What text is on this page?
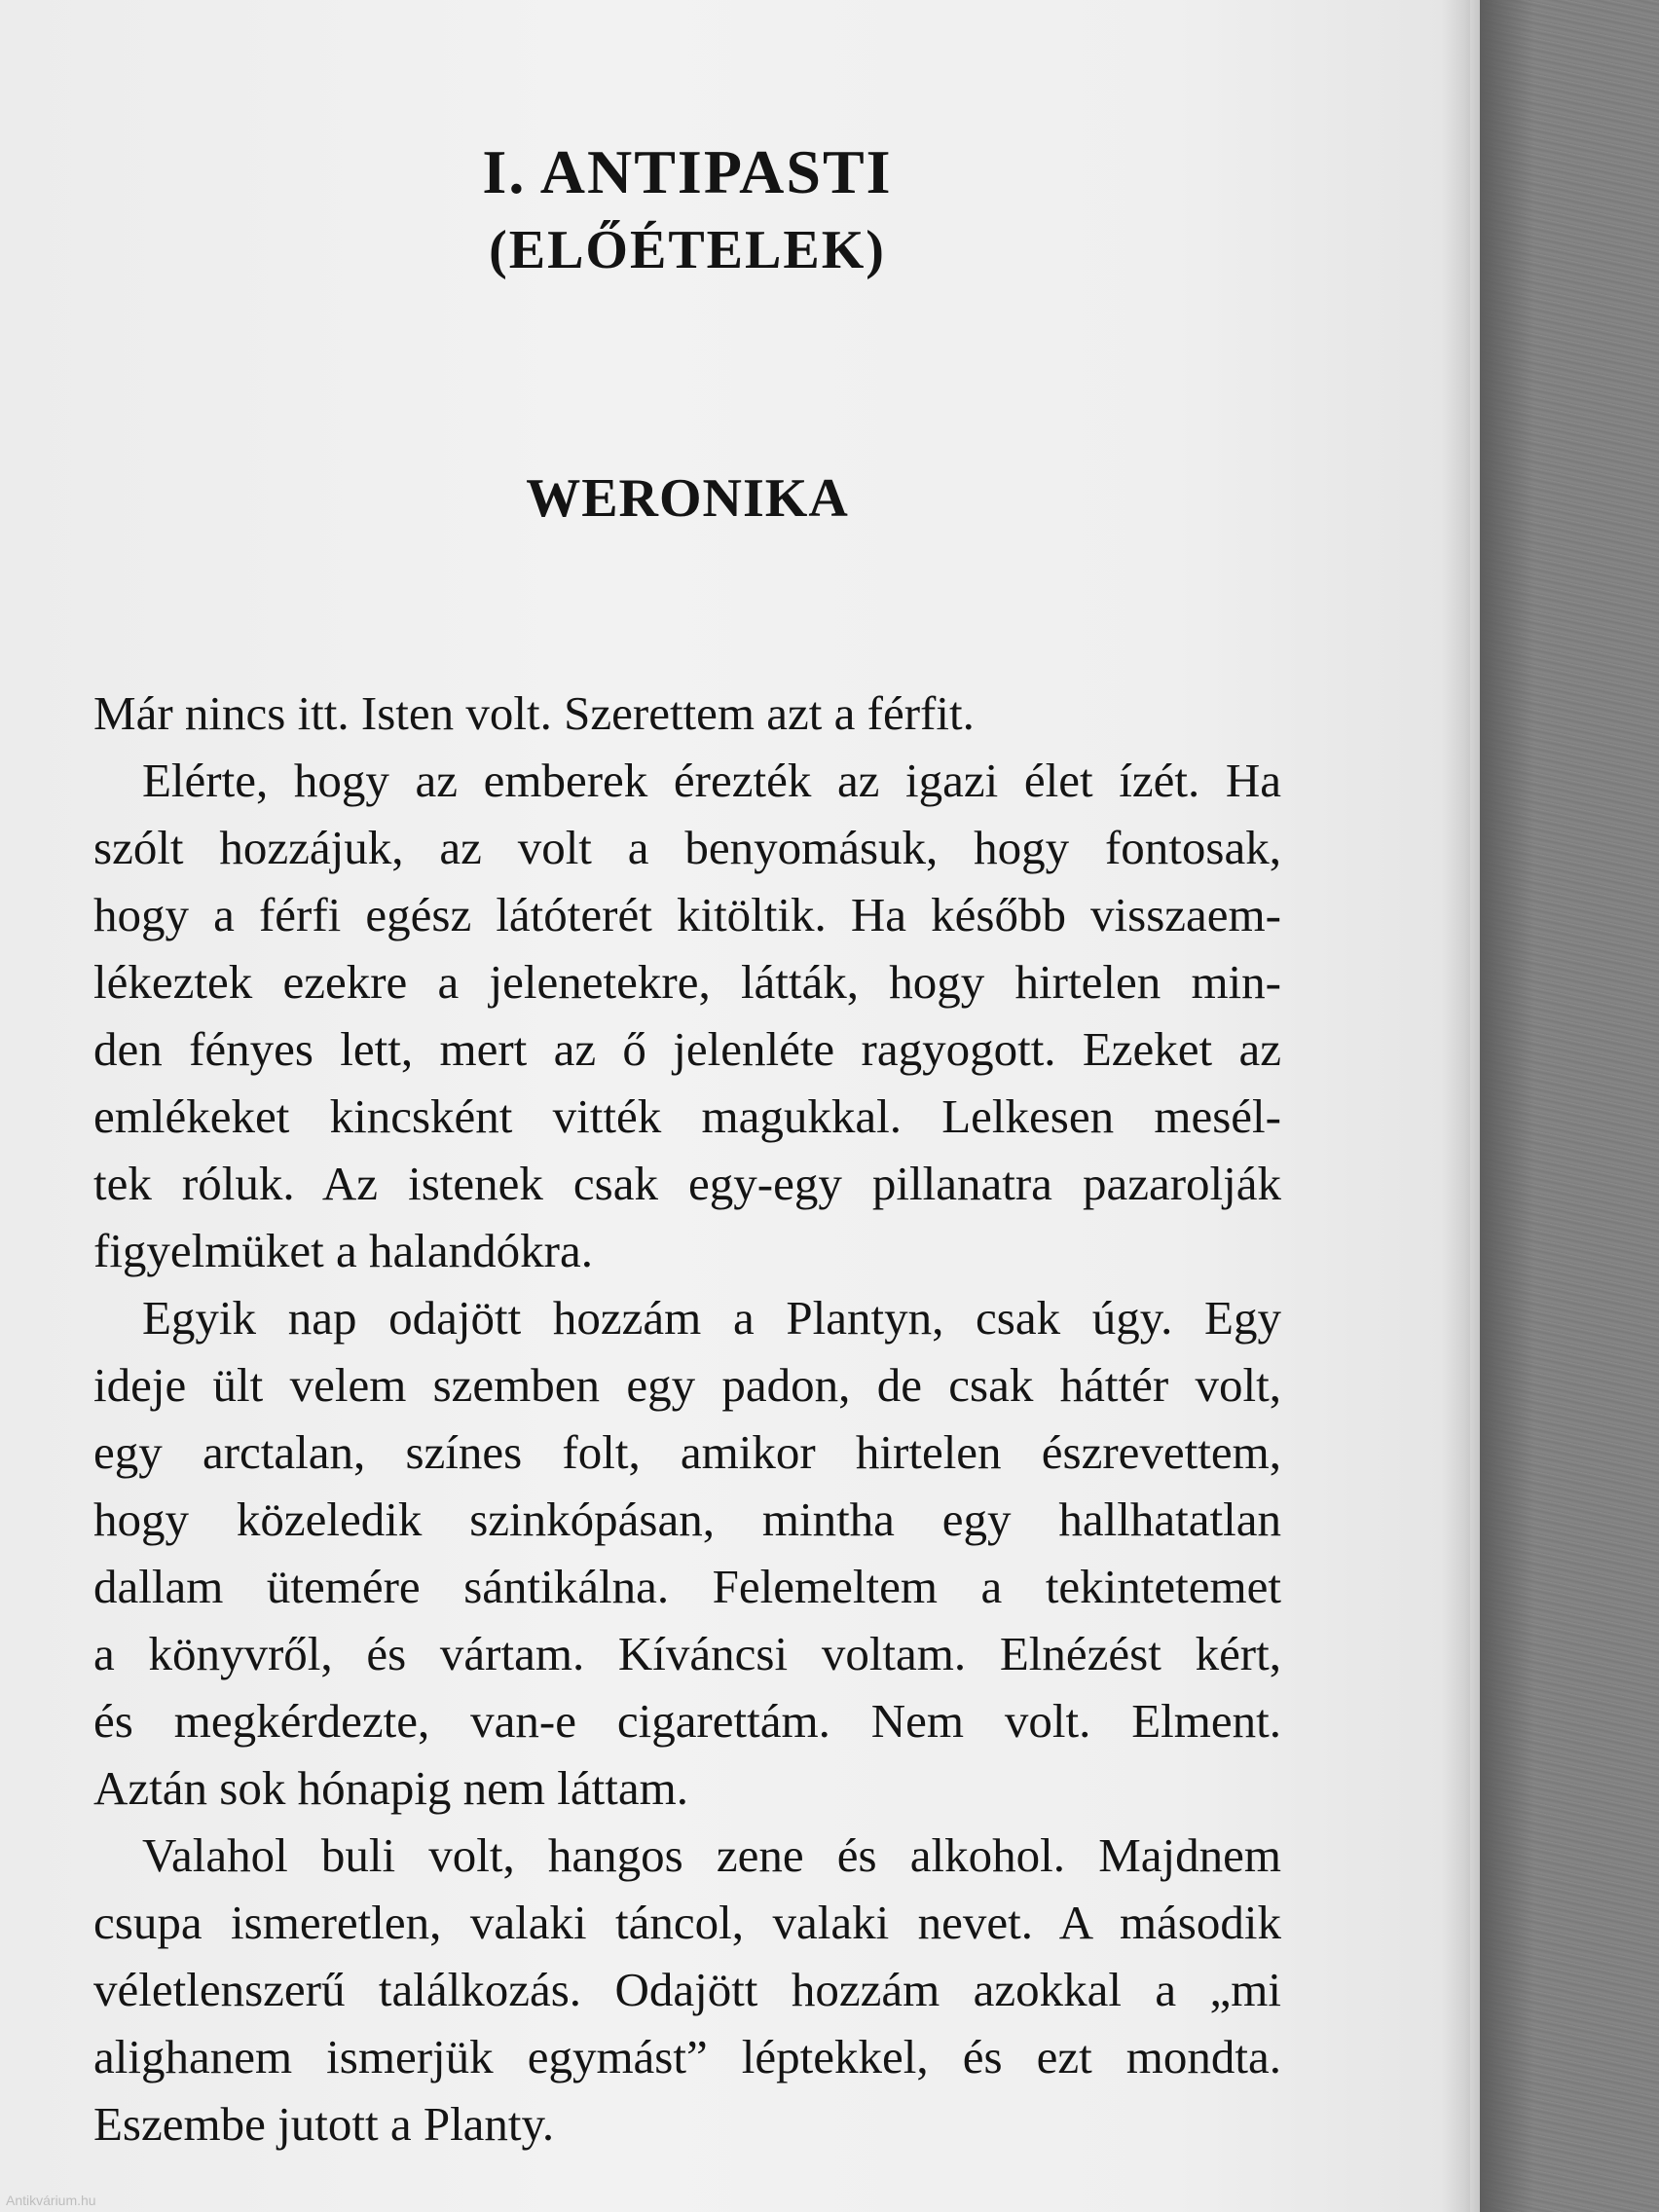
I. ANTIPASTI
(ELŐÉTELEK)
WERONIKA
Már nincs itt. Isten volt. Szerettem azt a férfit.
Elérte, hogy az emberek érezték az igazi élet ízét. Ha
szólt hozzájuk, az volt a benyomásuk, hogy fontosak,
hogy a férfi egész látóterét kitöltik. Ha később visszaem-
lékeztek ezekre a jelenetekre, látták, hogy hirtelen min-
den fényes lett, mert az ő jelenléte ragyogott. Ezeket az
emlékeket kincsként vitték magukkal. Lelkesen mesél-
tek róluk. Az istenek csak egy-egy pillanatra pazarolják
figyelmüket a halandókra.
Egyik nap odajött hozzám a Plantyn, csak úgy. Egy
ideje ült velem szemben egy padon, de csak háttér volt,
egy arctalan, színes folt, amikor hirtelen észrevettem,
hogy közeledik szinkópásan, mintha egy hallhatatlan
dallam ütemére sántikálna. Felemeltem a tekintetemet
a könyvről, és vártam. Kíváncsi voltam. Elnézést kért,
és megkérdezte, van-e cigarettám. Nem volt. Elment.
Aztán sok hónapig nem láttam.
Valahol buli volt, hangos zene és alkohol. Majdnem
csupa ismeretlen, valaki táncol, valaki nevet. A második
véletlenszerű találkozás. Odajött hozzám azokkal a „mi
alighanem ismerjük egymást” léptekkel, és ezt mondta.
Eszembe jutott a Planty.
Antikvárium.hu
